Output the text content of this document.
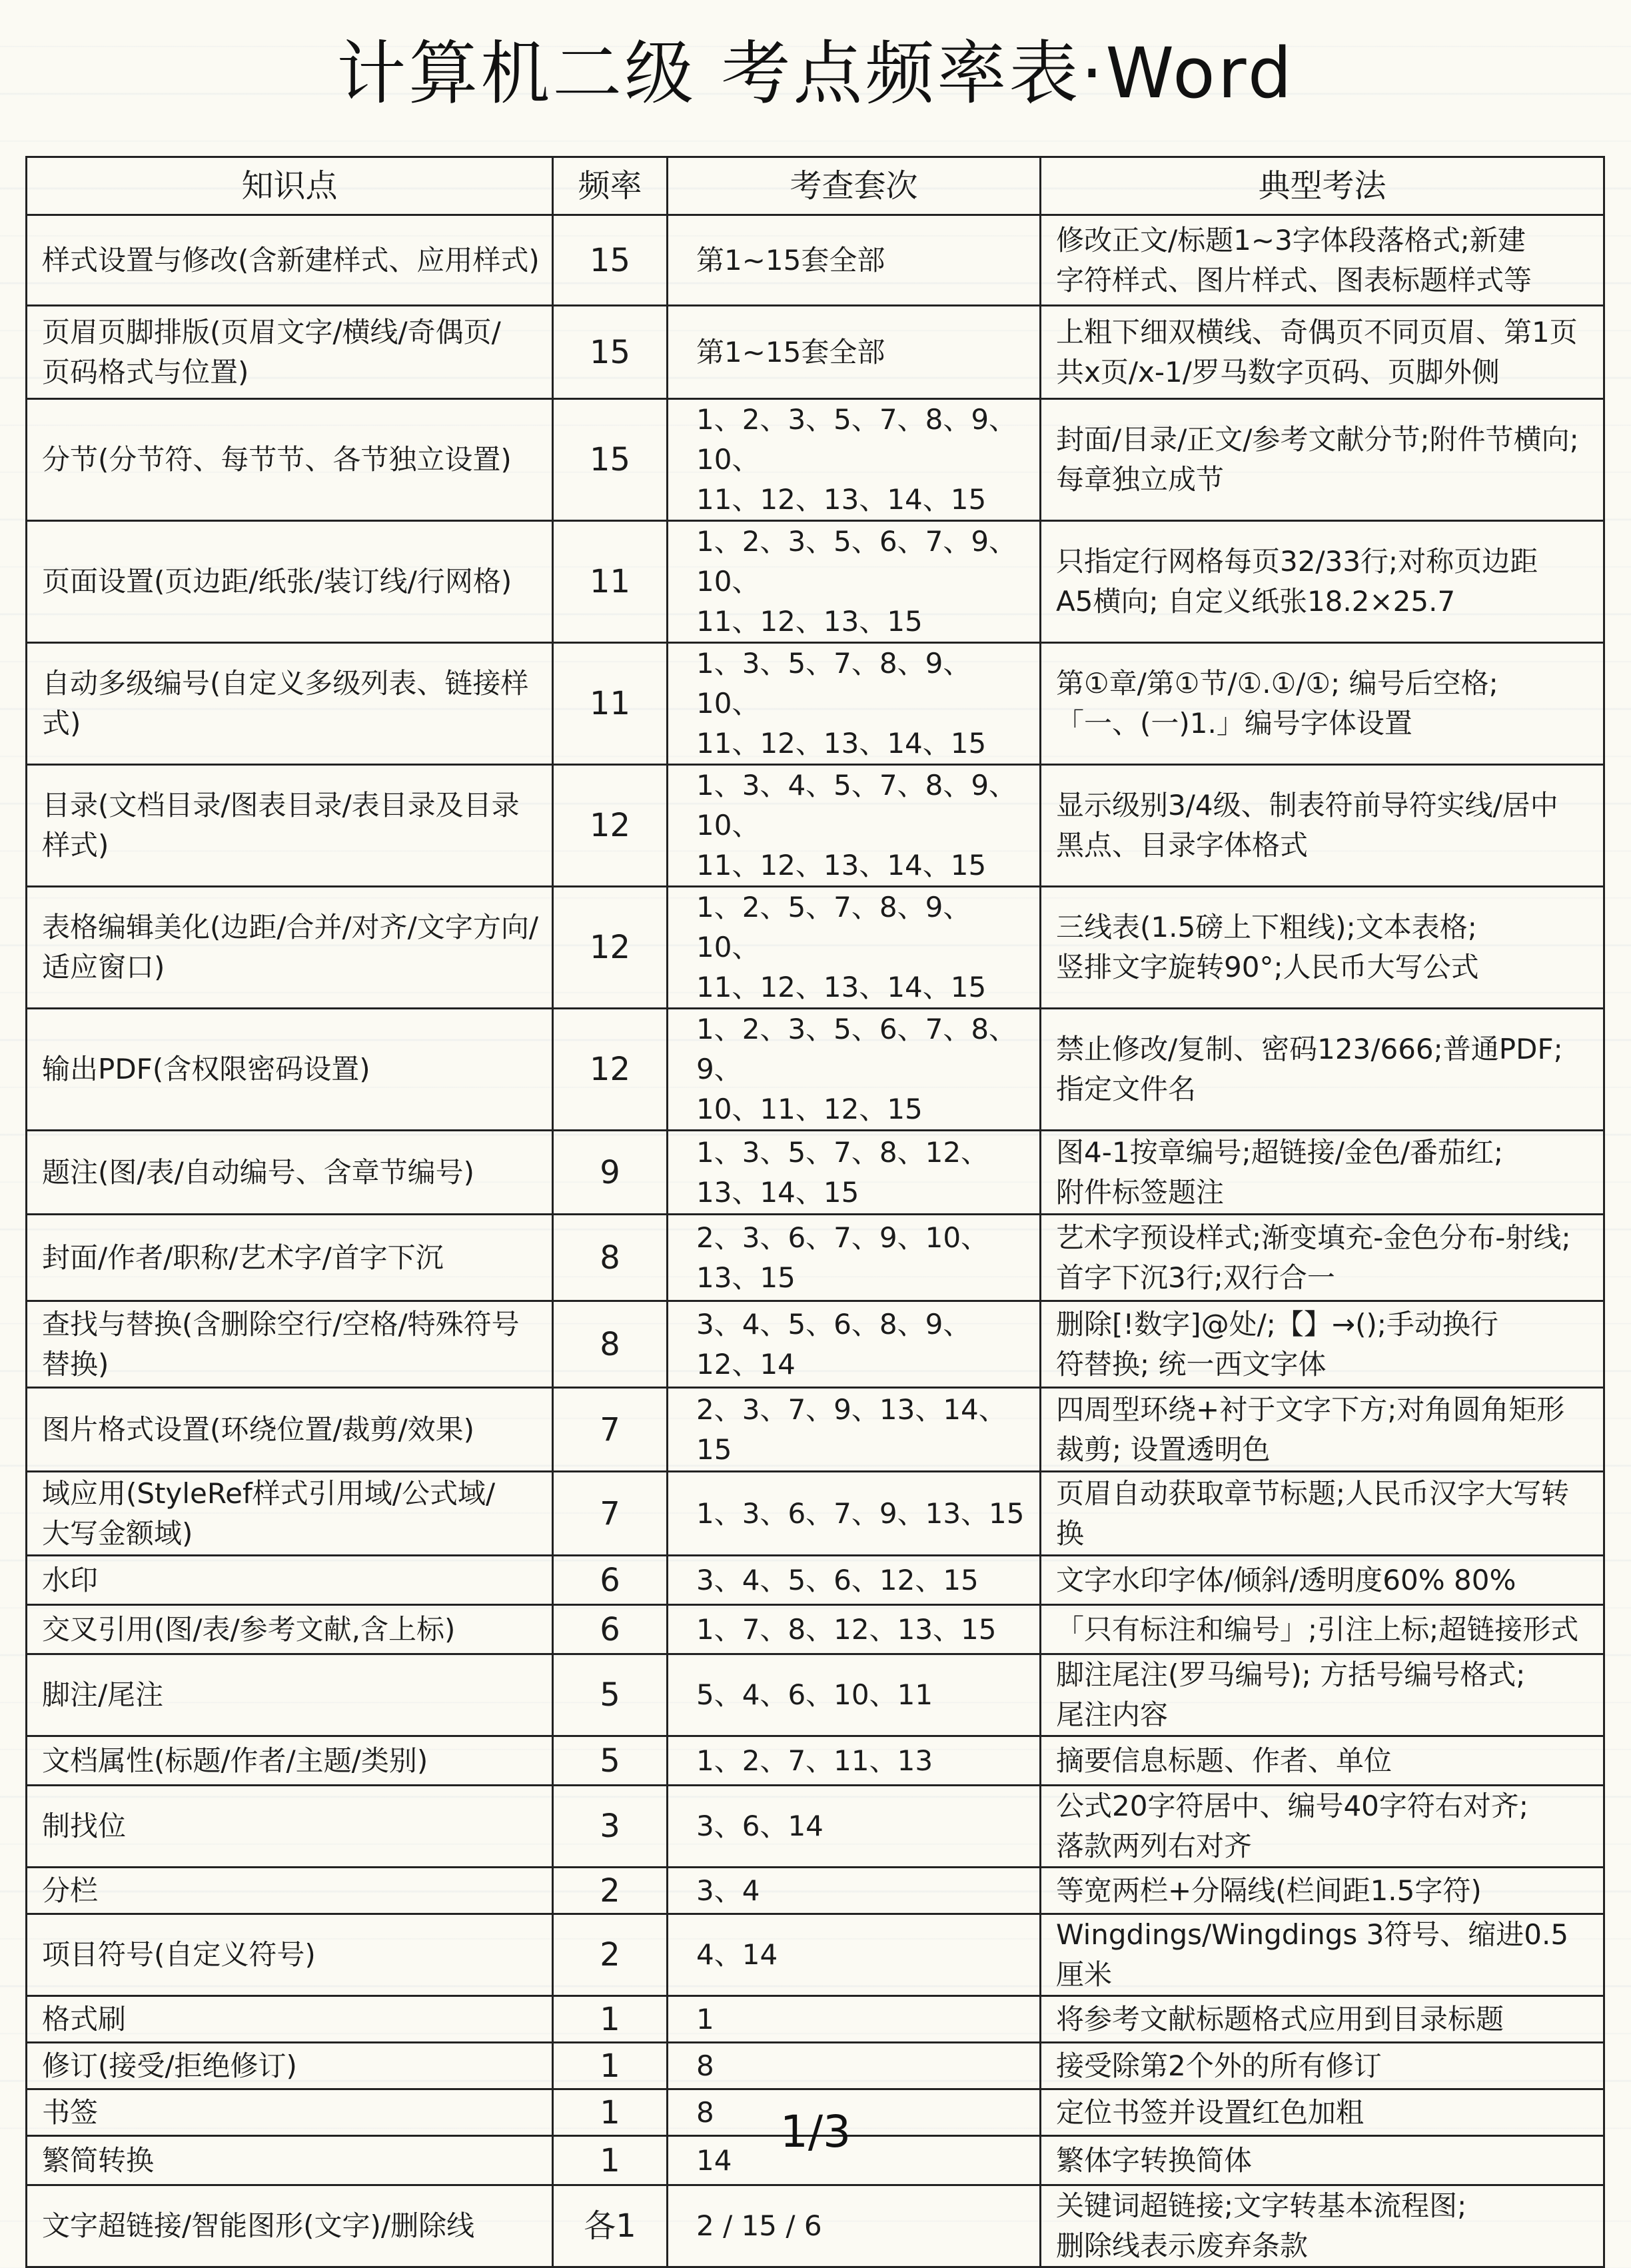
计算机二级 考点频率表·Word
知识点	频率	考查套次	典型考法
样式设置与修改(含新建样式、应用样式)	15	第1~15套全部	修改正文/标题1~3字体段落格式;新建
字符样式、图片样式、图表标题样式等
页眉页脚排版(页眉文字/横线/奇偶页/
页码格式与位置)	15	第1~15套全部	上粗下细双横线、奇偶页不同页眉、第1页
共x页/x-1/罗马数字页码、页脚外侧
分节(分节符、每节节、各节独立设置)	15	1、2、3、5、7、8、9、10、
11、12、13、14、15	封面/目录/正文/参考文献分节;附件节横向;
每章独立成节
页面设置(页边距/纸张/装订线/行网格)	11	1、2、3、5、6、7、9、10、
11、12、13、15	只指定行网格每页32/33行;对称页边距
A5横向; 自定义纸张18.2×25.7
自动多级编号(自定义多级列表、链接样式)	11	1、3、5、7、8、9、10、
11、12、13、14、15	第①章/第①节/①.①/①; 编号后空格;
「一、(一)1.」编号字体设置
目录(文档目录/图表目录/表目录及目录样式)	12	1、3、4、5、7、8、9、10、
11、12、13、14、15	显示级别3/4级、制表符前导符实线/居中
黑点、目录字体格式
表格编辑美化(边距/合并/对齐/文字方向/
适应窗口)	12	1、2、5、7、8、9、10、
11、12、13、14、15	三线表(1.5磅上下粗线);文本表格;
竖排文字旋转90°;人民币大写公式
输出PDF(含权限密码设置)	12	1、2、3、5、6、7、8、9、
10、11、12、15	禁止修改/复制、密码123/666;普通PDF;
指定文件名
题注(图/表/自动编号、含章节编号)	9	1、3、5、7、8、12、13、14、15	图4-1按章编号;超链接/金色/番茄红;
附件标签题注
封面/作者/职称/艺术字/首字下沉	8	2、3、6、7、9、10、13、15	艺术字预设样式;渐变填充-金色分布-射线;
首字下沉3行;双行合一
查找与替换(含删除空行/空格/特殊符号替换)	8	3、4、5、6、8、9、12、14	删除[!数字]@处/;【】→();手动换行
符替换; 统一西文字体
图片格式设置(环绕位置/裁剪/效果)	7	2、3、7、9、13、14、15	四周型环绕+衬于文字下方;对角圆角矩形
裁剪; 设置透明色
域应用(StyleRef样式引用域/公式域/
大写金额域)	7	1、3、6、7、9、13、15	页眉自动获取章节标题;人民币汉字大写转换
水印	6	3、4、5、6、12、15	文字水印字体/倾斜/透明度60% 80%
交叉引用(图/表/参考文献,含上标)	6	1、7、8、12、13、15	「只有标注和编号」;引注上标;超链接形式
脚注/尾注	5	5、4、6、10、11	脚注尾注(罗马编号); 方括号编号格式;
尾注内容
文档属性(标题/作者/主题/类别)	5	1、2、7、11、13	摘要信息标题、作者、单位
制找位	3	3、6、14	公式20字符居中、编号40字符右对齐;
落款两列右对齐
分栏	2	3、4	等宽两栏+分隔线(栏间距1.5字符)
项目符号(自定义符号)	2	4、14	Wingdings/Wingdings 3符号、缩进0.5厘米
格式刷	1	1	将参考文献标题格式应用到目录标题
修订(接受/拒绝修订)	1	8	接受除第2个外的所有修订
书签	1	8	定位书签并设置红色加粗
繁简转换	1	14	繁体字转换简体
文字超链接/智能图形(文字)/删除线	各1	2 / 15 / 6	关键词超链接;文字转基本流程图;
删除线表示废弃条款
1/3
